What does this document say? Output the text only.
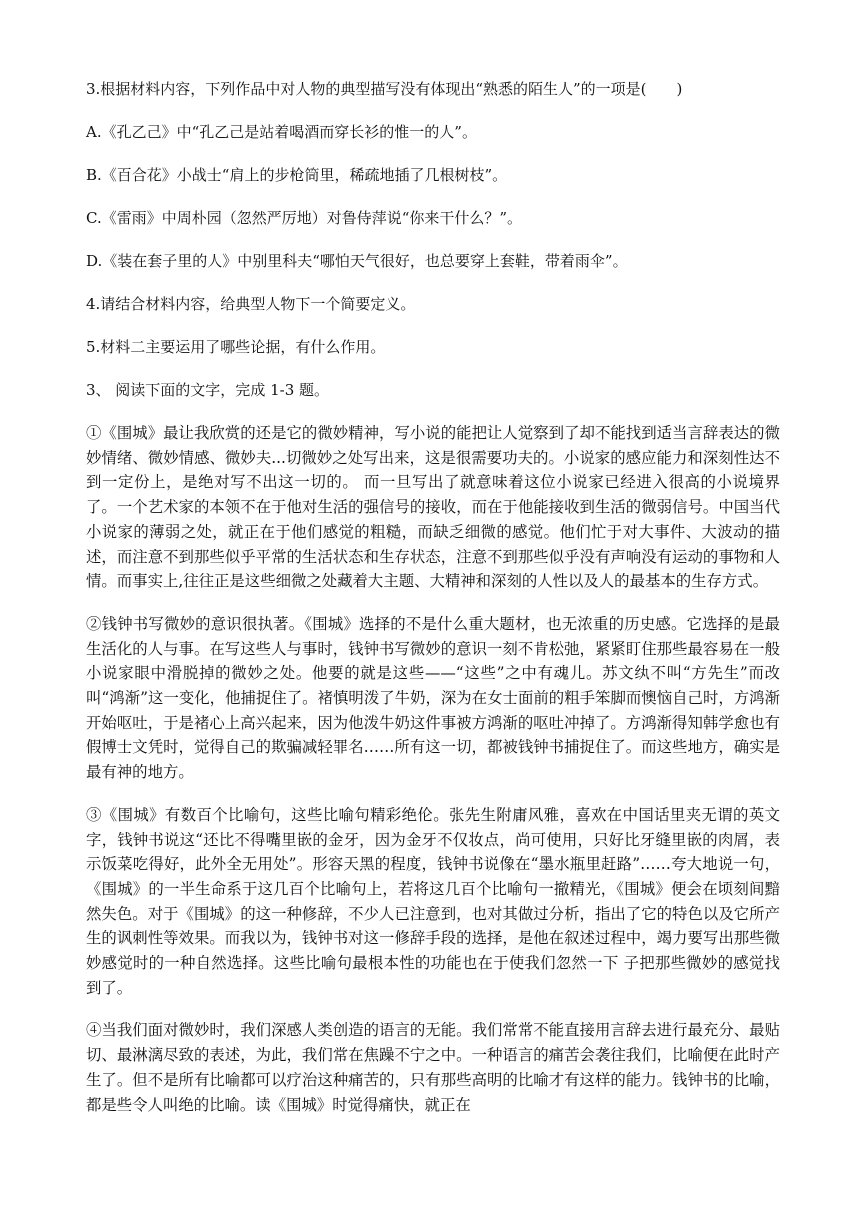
3.根据材料内容，下列作品中对人物的典型描写没有体现出“熟悉的陌生人”的一项是(　　)

A.《孔乙己》中“孔乙己是站着喝酒而穿长衫的惟一的人”。

B.《百合花》小战士“肩上的步枪筒里，稀疏地插了几根树枝”。

C.《雷雨》中周朴园（忽然严厉地）对鲁侍萍说“你来干什么？”。

D.《装在套子里的人》中别里科夫“哪怕天气很好，也总要穿上套鞋，带着雨伞”。

4.请结合材料内容，给典型人物下一个简要定义。

5.材料二主要运用了哪些论据，有什么作用。

3、 阅读下面的文字，完成 1-3 题。

①《围城》最让我欣赏的还是它的微妙精神，写小说的能把让人觉察到了却不能找到适当言辞表达的微妙情绪、微妙情感、微妙夫...切微妙之处写出来，这是很需要功夫的。小说家的感应能力和深刻性达不到一定份上，是绝对写不出这一切的。 而一旦写出了就意味着这位小说家已经进入很高的小说境界了。一个艺术家的本领不在于他对生活的强信号的接收，而在于他能接收到生活的微弱信号。中国当代小说家的薄弱之处，就正在于他们感觉的粗糙，而缺乏细微的感觉。他们忙于对大事件、大波动的描述，而注意不到那些似乎平常的生活状态和生存状态，注意不到那些似乎没有声响没有运动的事物和人情。而事实上,往往正是这些细微之处藏着大主题、大精神和深刻的人性以及人的最基本的生存方式。

②钱钟书写微妙的意识很执著。《围城》选择的不是什么重大题材，也无浓重的历史感。它选择的是最生活化的人与事。在写这些人与事时，钱钟书写微妙的意识一刻不肯松弛，紧紧盯住那些最容易在一般小说家眼中滑脱掉的微妙之处。他要的就是这些——“这些”之中有魂儿。苏文纨不叫“方先生”而改叫“鸿渐”这一变化，他捕捉住了。褚慎明泼了牛奶，深为在女士面前的粗手笨脚而懊恼自己时，方鸿渐开始呕吐，于是褚心上高兴起来，因为他泼牛奶这件事被方鸿渐的呕吐冲掉了。方鸿渐得知韩学愈也有假博士文凭时，觉得自己的欺骗减轻罪名……所有这一切，都被钱钟书捕捉住了。而这些地方，确实是最有神的地方。

③《围城》有数百个比喻句，这些比喻句精彩绝伦。张先生附庸风雅，喜欢在中国话里夹无谓的英文字，钱钟书说这“还比不得嘴里嵌的金牙，因为金牙不仅妆点，尚可使用，只好比牙缝里嵌的肉屑，表示饭菜吃得好，此外全无用处”。形容天黑的程度，钱钟书说像在“墨水瓶里赶路”……夸大地说一句，《围城》的一半生命系于这几百个比喻句上，若将这几百个比喻句一撤精光，《围城》便会在顷刻间黯然失色。对于《围城》的这一种修辞，不少人已注意到，也对其做过分析，指出了它的特色以及它所产生的讽刺性等效果。而我以为，钱钟书对这一修辞手段的选择，是他在叙述过程中，竭力要写出那些微妙感觉时的一种自然选择。这些比喻句最根本性的功能也在于使我们忽然一下 子把那些微妙的感觉找到了。

④当我们面对微妙时，我们深感人类创造的语言的无能。我们常常不能直接用言辞去进行最充分、最贴切、最淋漓尽致的表述，为此，我们常在焦躁不宁之中。一种语言的痛苦会袭往我们，比喻便在此时产生了。但不是所有比喻都可以疗治这种痛苦的，只有那些高明的比喻才有这样的能力。钱钟书的比喻，都是些令人叫绝的比喻。读《围城》时觉得痛快，就正在
